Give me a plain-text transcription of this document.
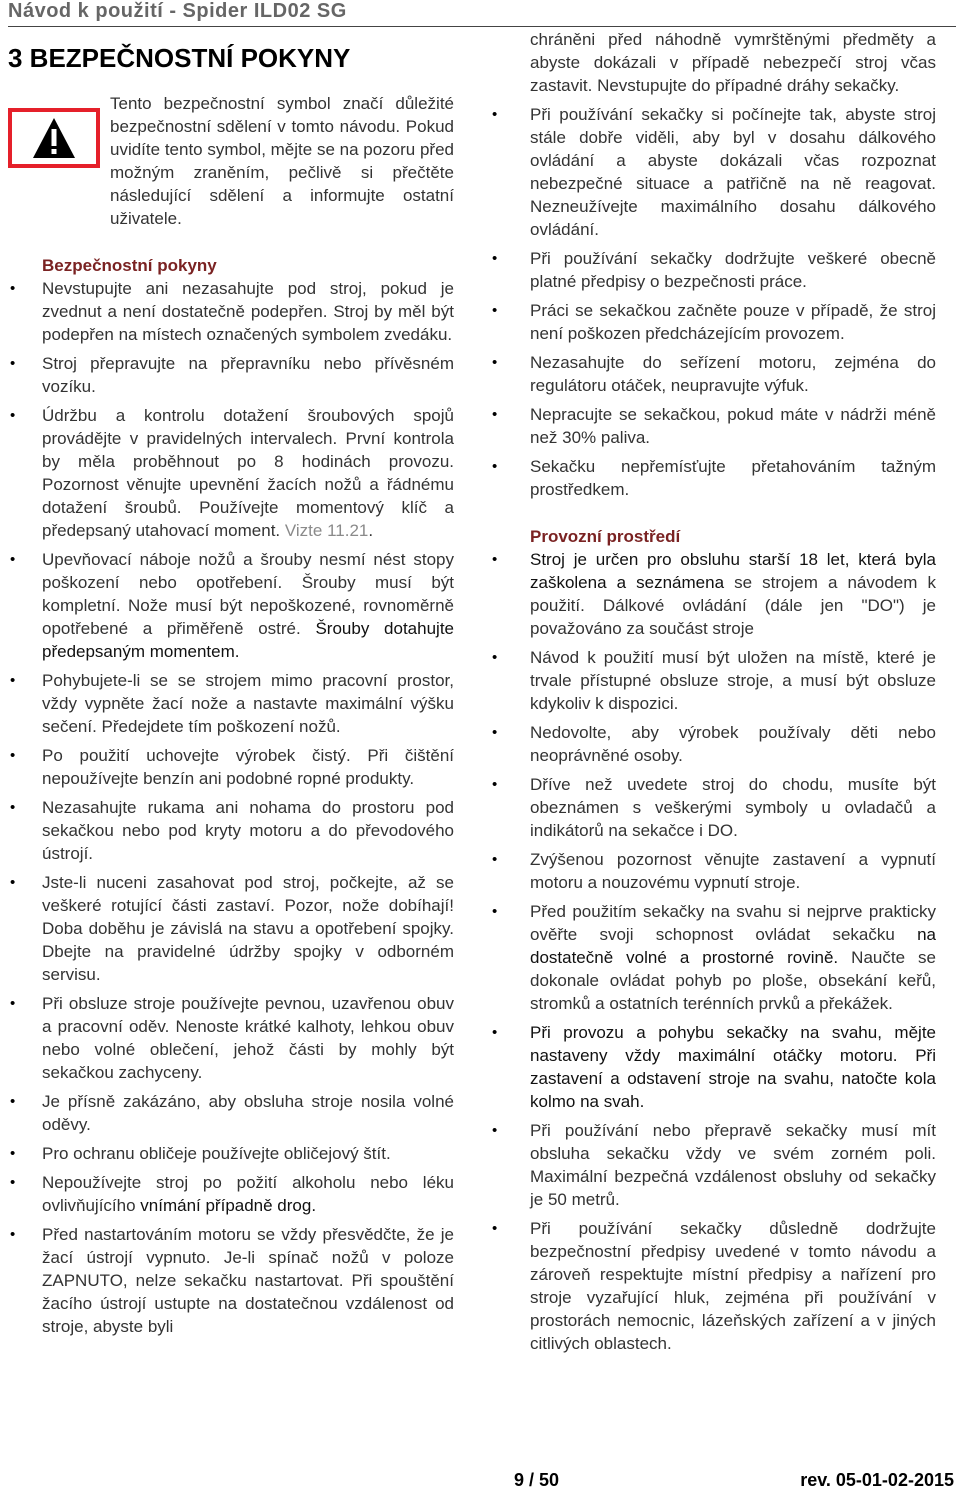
Návod k použití - Spider ILD02 SG
3 BEZPEČNOSTNÍ POKYNY
Tento bezpečnostní symbol značí důležité bezpečnostní sdělení v tomto návodu. Pokud uvidíte tento symbol, mějte se na pozoru před možným zraněním, pečlivě si přečtěte následující sdělení a informujte ostatní uživatele.

Bezpečnostní pokyny

• Nevstupujte ani nezasahujte pod stroj, pokud je zvednut a není dostatečně podepřen. Stroj by měl být podepřen na místech označených symbolem zvedáku.
• Stroj přepravujte na přepravníku nebo přívěsném vozíku.
• Údržbu a kontrolu dotažení šroubových spojů provádějte v pravidelných intervalech. První kontrola by měla proběhnout po 8 hodinách provozu. Pozornost věnujte upevnění žacích nožů a řádnému dotažení šroubů. Používejte momentový klíč a předepsaný utahovací moment. Vizte 11.21.
• Upevňovací náboje nožů a šrouby nesmí nést stopy poškození nebo opotřebení. Šrouby musí být kompletní. Nože musí být nepoškozené, rovnoměrně opotřebené a přiměřeně ostré. Šrouby dotahujte předepsaným momentem.
• Pohybujete-li se se strojem mimo pracovní prostor, vždy vypněte žací nože a nastavte maximální výšku sečení. Předejdete tím poškození nožů.
• Po použití uchovejte výrobek čistý. Při čištění nepoužívejte benzín ani podobné ropné produkty.
• Nezasahujte rukama ani nohama do prostoru pod sekačkou nebo pod kryty motoru a do převodového ústrojí.
• Jste-li nuceni zasahovat pod stroj, počkejte, až se veškeré rotující části zastaví. Pozor, nože dobíhají! Doba doběhu je závislá na stavu a opotřebení spojky. Dbejte na pravidelné údržby spojky v odborném servisu.
• Při obsluze stroje používejte pevnou, uzavřenou obuv a pracovní oděv. Nenoste krátké kalhoty, lehkou obuv nebo volné oblečení, jehož části by mohly být sekačkou zachyceny.
• Je přísně zakázáno, aby obsluha stroje nosila volné oděvy.
• Pro ochranu obličeje používejte obličejový štít.
• Nepoužívejte stroj po požití alkoholu nebo léku ovlivňujícího vnímání případně drog.
• Před nastartováním motoru se vždy přesvědčte, že je žací ústrojí vypnuto. Je-li spínač nožů v poloze ZAPNUTO, nelze sekačku nastartovat. Při spouštění žacího ústrojí ustupte na dostatečnou vzdálenost od stroje, abyste byli
chráněni před náhodně vymrštěnými předměty a abyste dokázali v případě nebezpečí stroj včas zastavit. Nevstupujte do případné dráhy sekačky.
• Při používání sekačky si počínejte tak, abyste stroj stále dobře viděli, aby byl v dosahu dálkového ovládání a abyste dokázali včas rozpoznat nebezpečné situace a patřičně na ně reagovat. Nezneužívejte maximálního dosahu dálkového ovládání.
• Při používání sekačky dodržujte veškeré obecně platné předpisy o bezpečnosti práce.
• Práci se sekačkou začněte pouze v případě, že stroj není poškozen předcházejícím provozem.
• Nezasahujte do seřízení motoru, zejména do regulátoru otáček, neupravujte výfuk.
• Nepracujte se sekačkou, pokud máte v nádrži méně než 30% paliva.
• Sekačku nepřemísťujte přetahováním tažným prostředkem.

Provozní prostředí

• Stroj je určen pro obsluhu starší 18 let, která byla zaškolena a seznámena se strojem a návodem k použití. Dálkové ovládání (dále jen "DO") je považováno za součást stroje
• Návod k použití musí být uložen na místě, které je trvale přístupné obsluze stroje, a musí být obsluze kdykoliv k dispozici.
• Nedovolte, aby výrobek používaly děti nebo neoprávněné osoby.
• Dříve než uvedete stroj do chodu, musíte být obeznámen s veškerými symboly u ovladačů a indikátorů na sekačce i DO.
• Zvýšenou pozornost věnujte zastavení a vypnutí motoru a nouzovému vypnutí stroje.
• Před použitím sekačky na svahu si nejprve prakticky ověřte svoji schopnost ovládat sekačku na dostatečně volné a prostorné rovině. Naučte se dokonale ovládat pohyb po ploše, obsekání keřů, stromků a ostatních terénních prvků a překážek.
• Při provozu a pohybu sekačky na svahu, mějte nastaveny vždy maximální otáčky motoru. Při zastavení a odstavení stroje na svahu, natočte kola kolmo na svah.
• Při používání nebo přepravě sekačky musí mít obsluha sekačku vždy ve svém zorném poli. Maximální bezpečná vzdálenost obsluhy od sekačky je 50 metrů.
• Při používání sekačky důsledně dodržujte bezpečnostní předpisy uvedené v tomto návodu a zároveň respektujte místní předpisy a nařízení pro stroje vyzařující hluk, zejména při používání v prostorách nemocnic, lázeňských zařízení a v jiných citlivých oblastech.
9 / 50	rev. 05-01-02-2015
